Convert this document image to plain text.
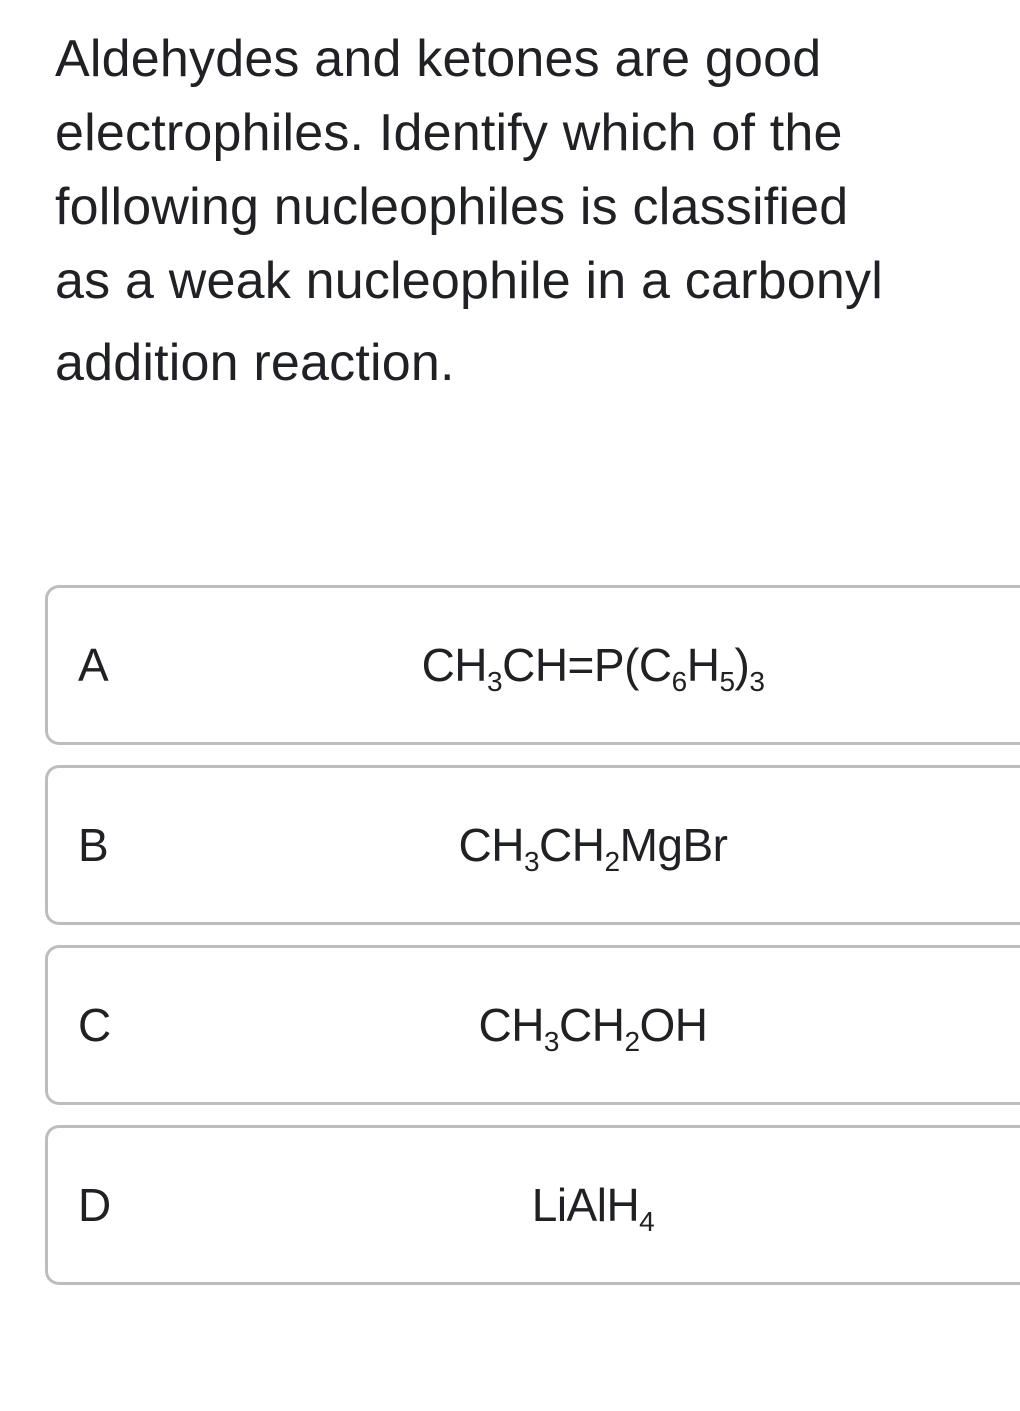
Aldehydes and ketones are good
electrophiles. Identify which of the
following nucleophiles is classified
as a weak nucleophile in a carbonyl
addition reaction.
A	$CH_3CH=P(C_6H_5)_3$
B	$CH_3CH_2MgBr$
C	$CH_3CH_2OH$
D	LiAlH$_4$
